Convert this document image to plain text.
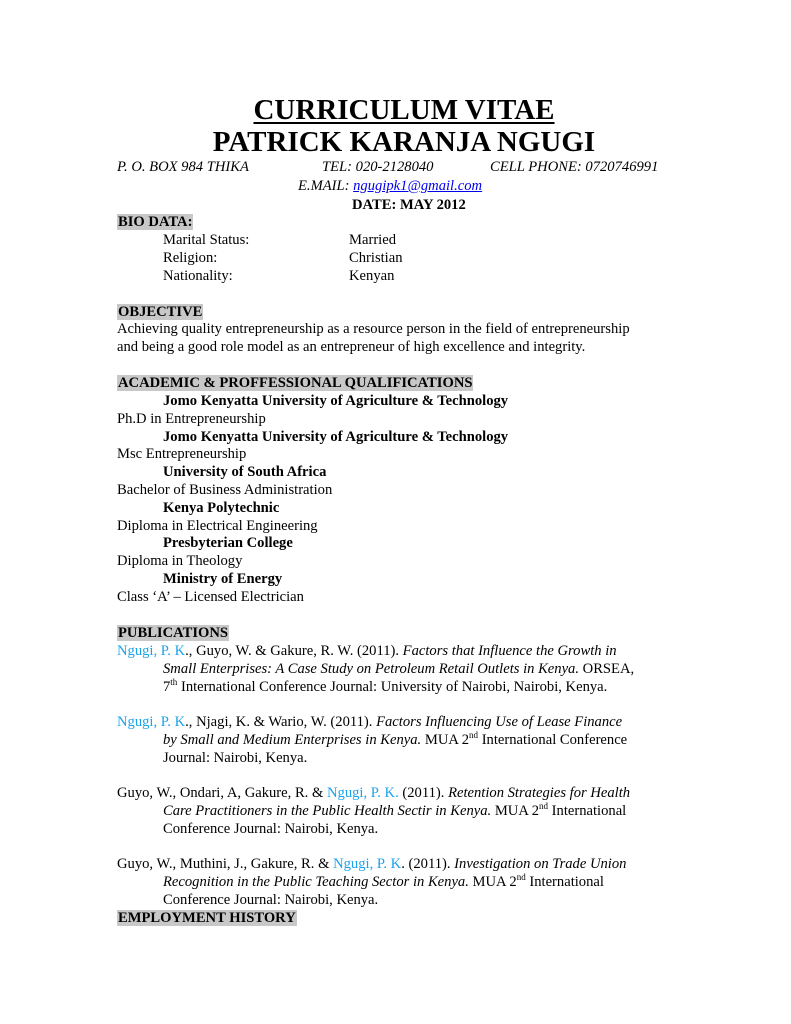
CURRICULUM VITAE
PATRICK KARANJA NGUGI
P. O. BOX 984 THIKA	TEL: 020-2128040	CELL PHONE: 0720746991
E.MAIL: ngugipk1@gmail.com
DATE: MAY 2012
BIO DATA:
Marital Status:	Married
Religion:	Christian
Nationality:	Kenyan
OBJECTIVE
Achieving quality entrepreneurship as a resource person in the field of entrepreneurship
and being a good role model as an entrepreneur of high excellence and integrity.
ACADEMIC & PROFFESSIONAL QUALIFICATIONS
Jomo Kenyatta University of Agriculture & Technology
Ph.D in Entrepreneurship
Jomo Kenyatta University of Agriculture & Technology
Msc Entrepreneurship
University of South Africa
Bachelor of Business Administration
Kenya Polytechnic
Diploma in Electrical Engineering
Presbyterian College
Diploma in Theology
Ministry of Energy
Class ‘A’ – Licensed Electrician
PUBLICATIONS
Ngugi, P. K., Guyo, W. & Gakure, R. W. (2011). Factors that Influence the Growth in
Small Enterprises: A Case Study on Petroleum Retail Outlets in Kenya. ORSEA,
7th International Conference Journal: University of Nairobi, Nairobi, Kenya.
Ngugi, P. K., Njagi, K. & Wario, W. (2011). Factors Influencing Use of Lease Finance
by Small and Medium Enterprises in Kenya. MUA 2nd International Conference
Journal: Nairobi, Kenya.
Guyo, W., Ondari, A, Gakure, R. & Ngugi, P. K. (2011). Retention Strategies for Health
Care Practitioners in the Public Health Sectir in Kenya. MUA 2nd International
Conference Journal: Nairobi, Kenya.
Guyo, W., Muthini, J., Gakure, R. & Ngugi, P. K. (2011). Investigation on Trade Union
Recognition in the Public Teaching Sector in Kenya. MUA 2nd International
Conference Journal: Nairobi, Kenya.
EMPLOYMENT HISTORY
